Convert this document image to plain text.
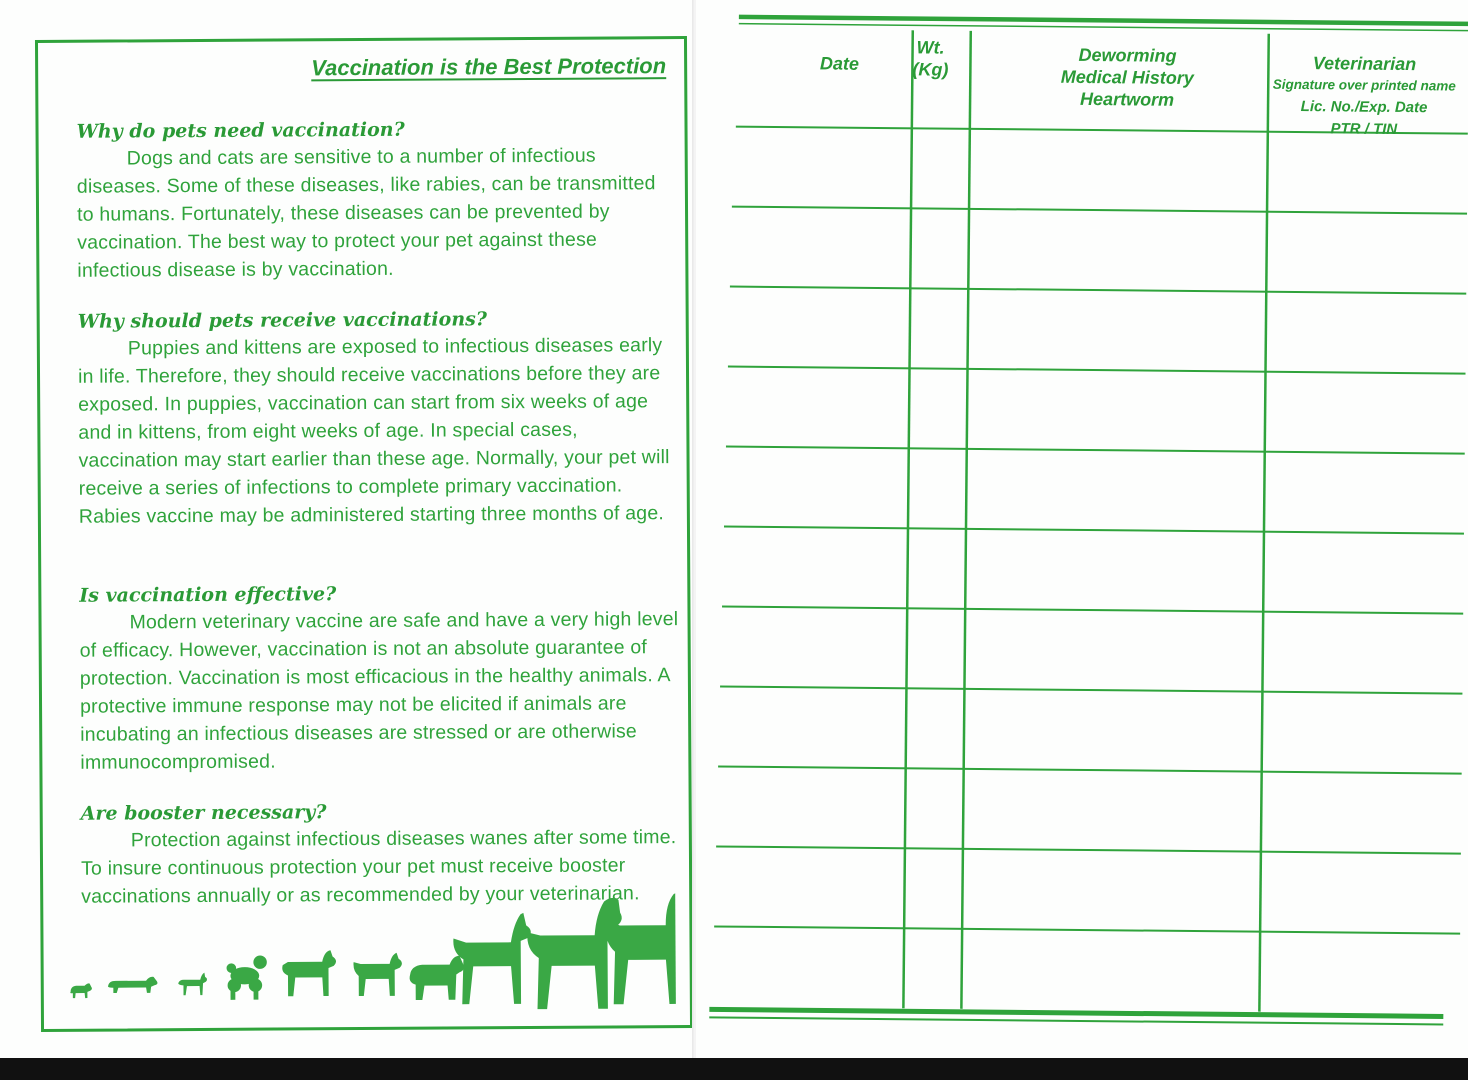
Vaccination is the Best Protection
Why do pets need vaccination?

Dogs and cats are sensitive to a number of infectious diseases. Some of these diseases, like rabies, can be transmitted to humans. Fortunately, these diseases can be prevented by vaccination. The best way to protect your pet against these infectious disease is by vaccination.

Why should pets receive vaccinations?

Puppies and kittens are exposed to infectious diseases early in life. Therefore, they should receive vaccinations before they are exposed. In puppies, vaccination can start from six weeks of age and in kittens, from eight weeks of age. In special cases, vaccination may start earlier than these age. Normally, your pet will receive a series of infections to complete primary vaccination. Rabies vaccine may be administered starting three months of age.

Is vaccination effective?

Modern veterinary vaccine are safe and have a very high level of efficacy. However, vaccination is not an absolute guarantee of protection. Vaccination is most efficacious in the healthy animals. A protective immune response may not be elicited if animals are incubating an infectious diseases are stressed or are otherwise immunocompromised.

Are booster necessary?

Protection against infectious diseases wanes after some time. To insure continuous protection your pet must receive booster vaccinations annually or as recommended by your veterinarian.

Date
Wt.
(Kg)
Deworming
Medical History
Heartworm
Veterinarian
Signature over printed name
Lic. No./Exp. Date
PTR / TIN
